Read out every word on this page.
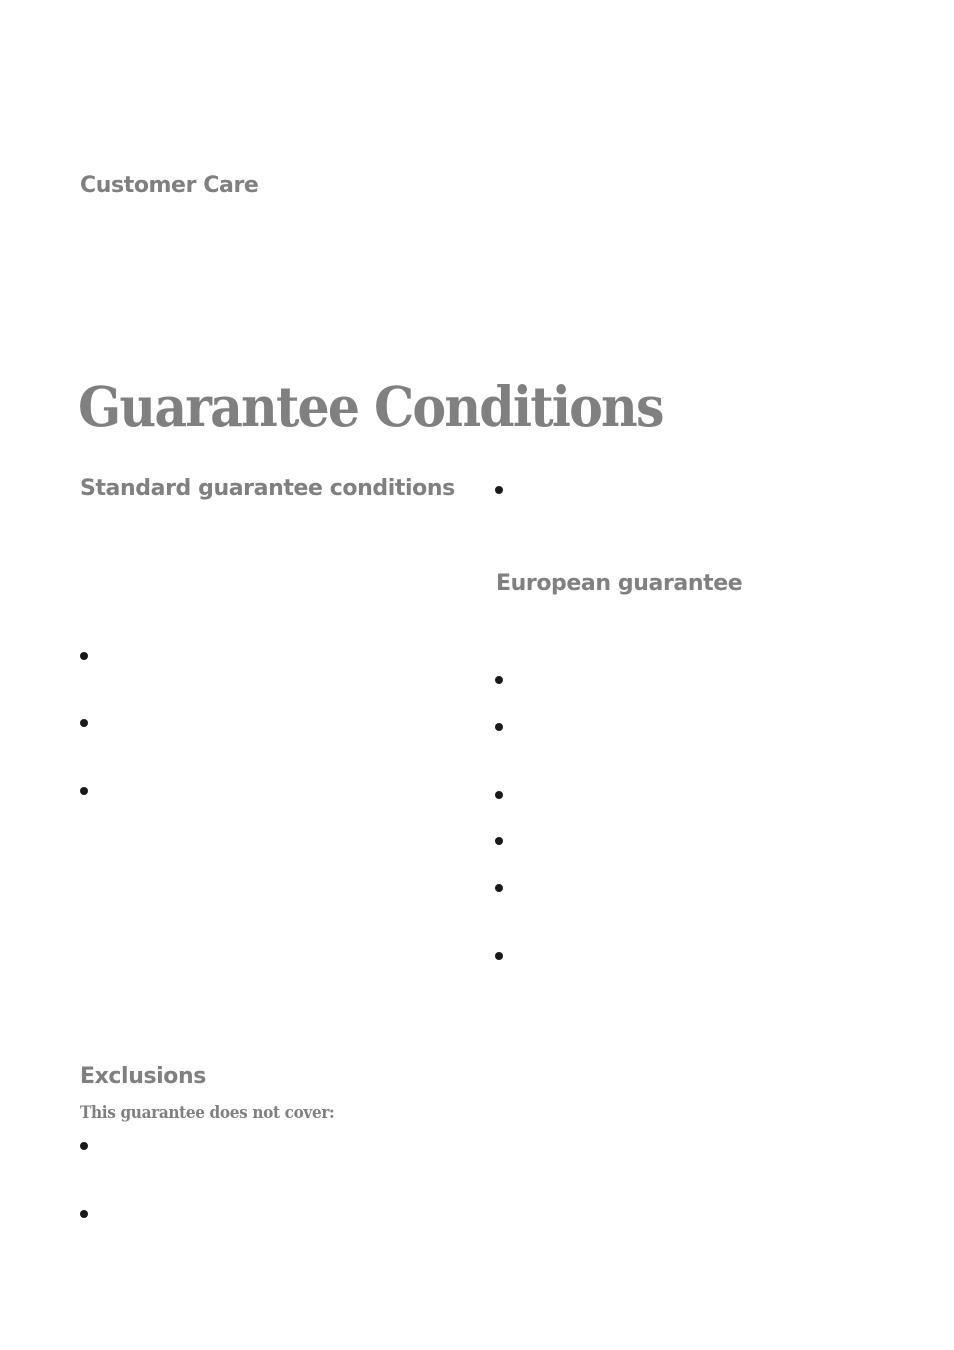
Customer Care
Guarantee Conditions
Standard guarantee conditions
European guarantee
Exclusions
This guarantee does not cover:
